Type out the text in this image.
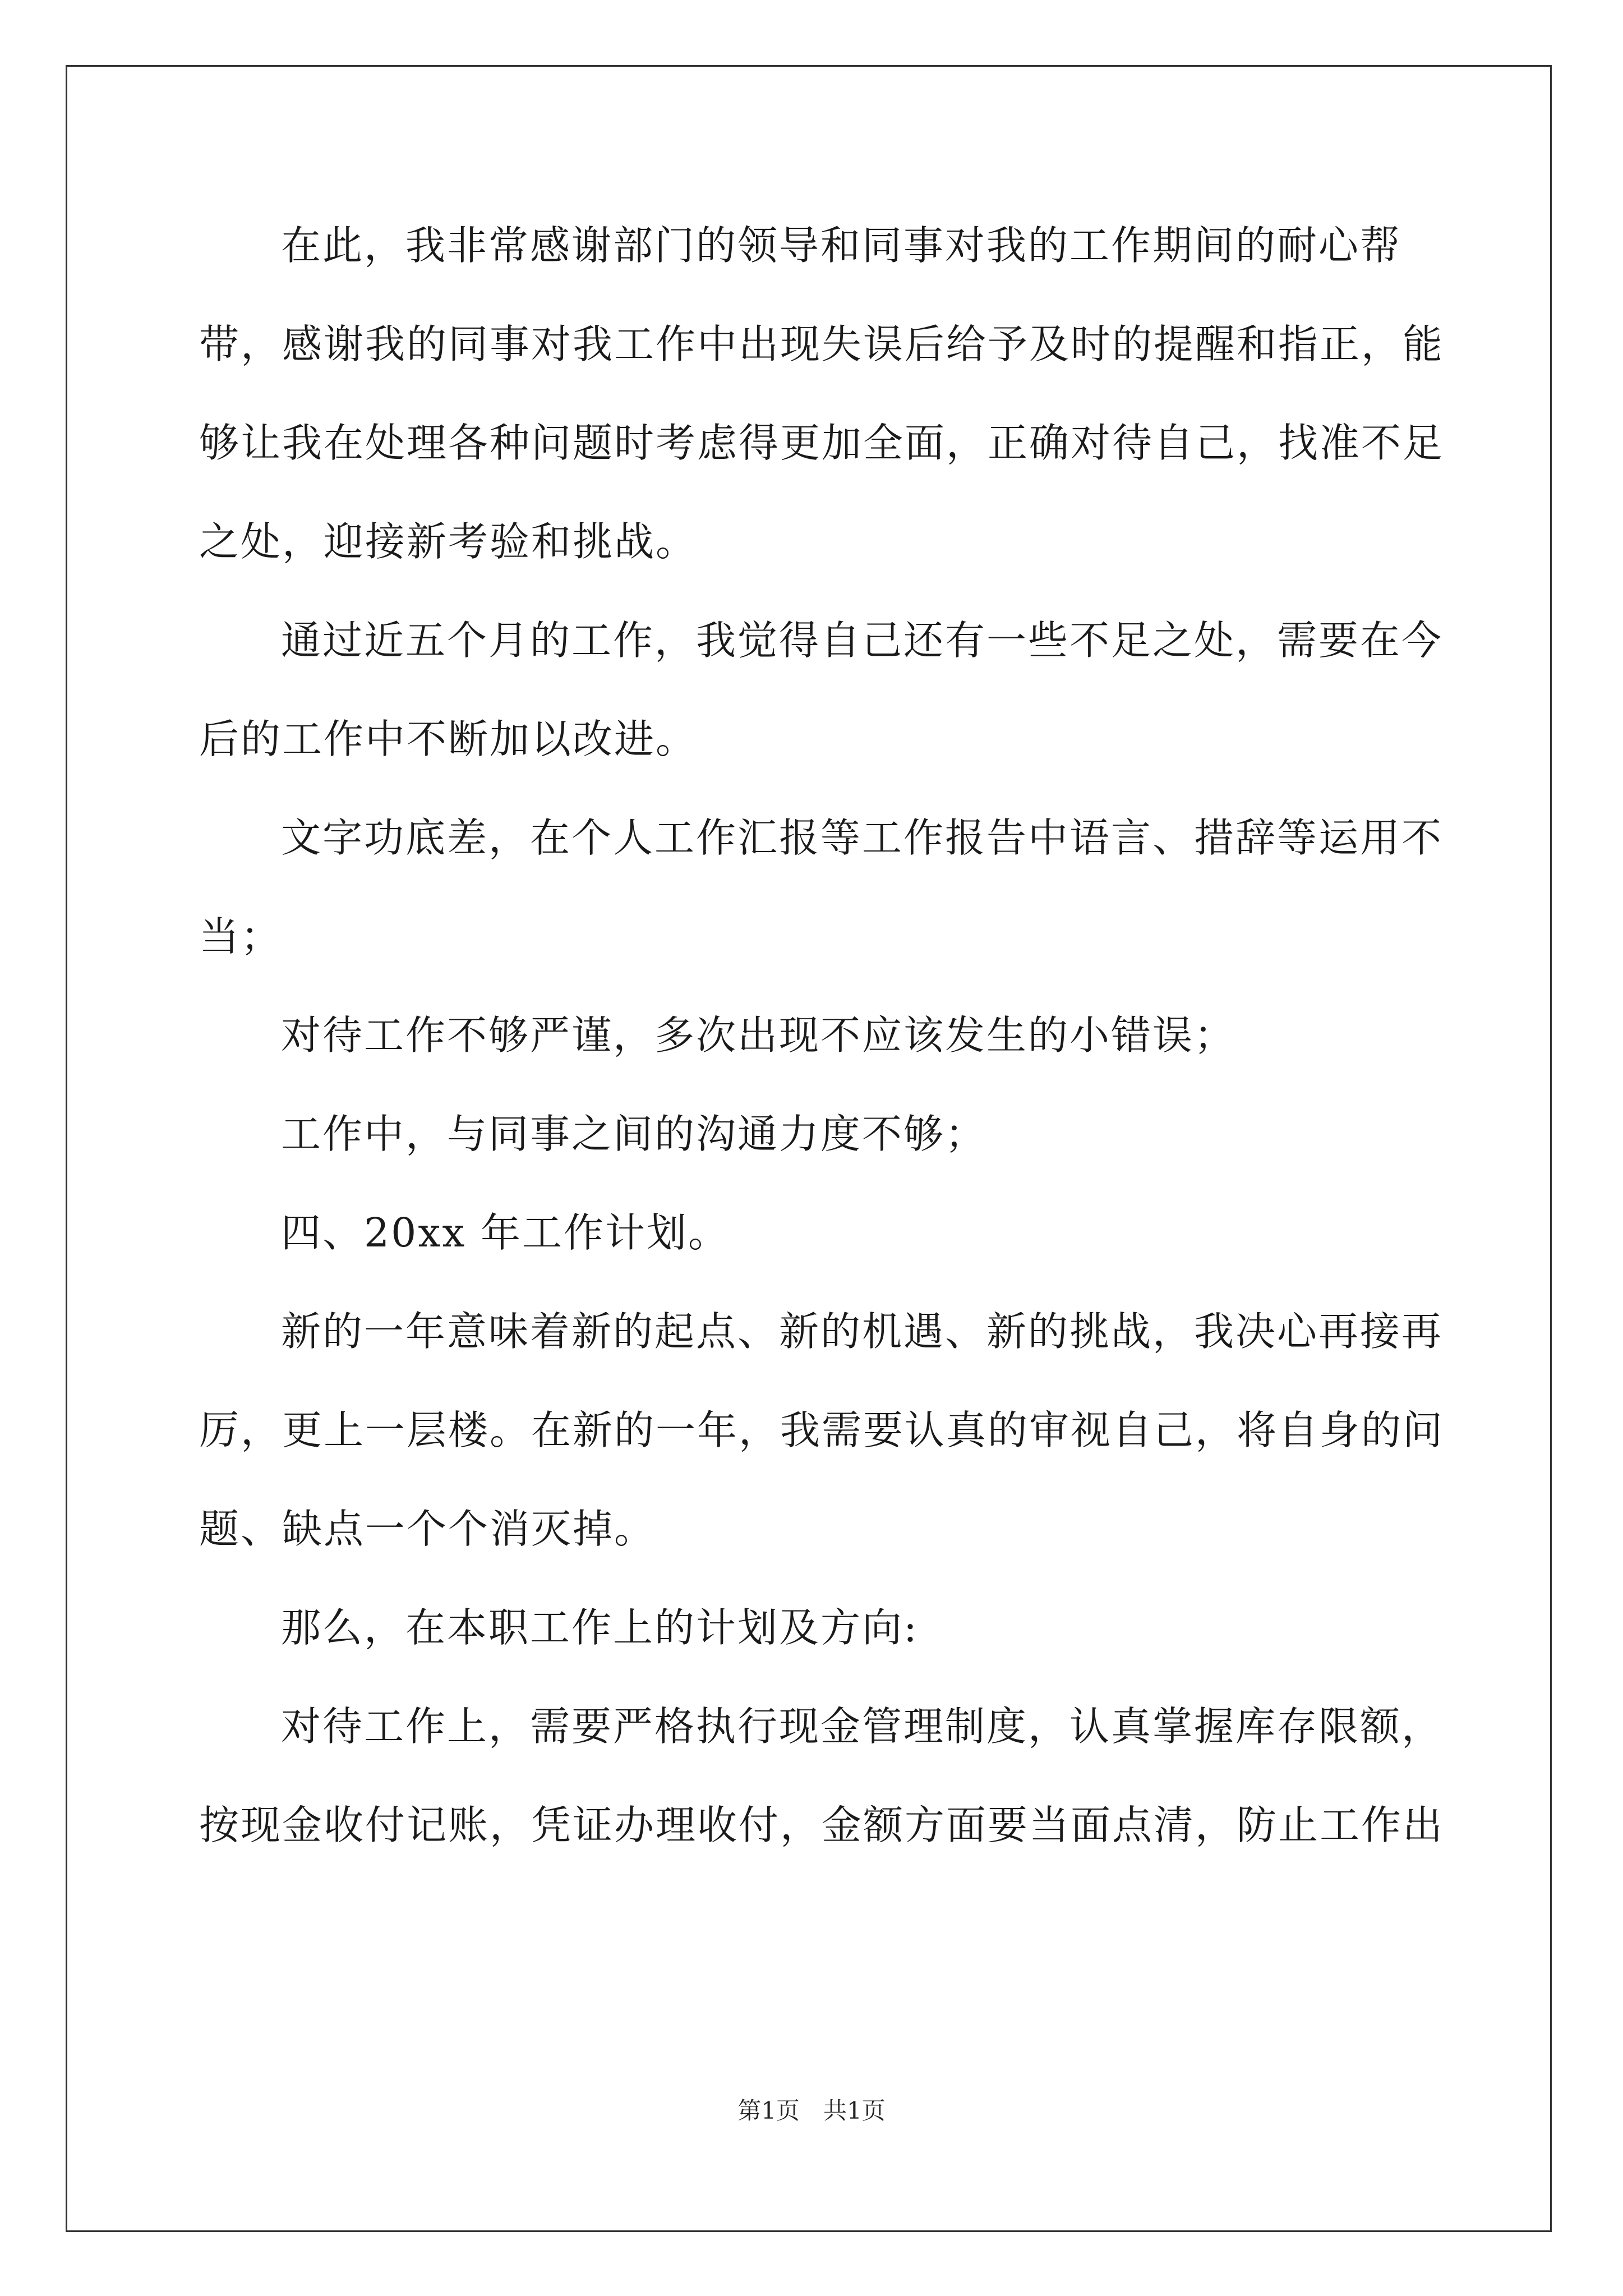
在此，我非常感谢部门的领导和同事对我的工作期间的耐心帮带，感谢我的同事对我工作中出现失误后给予及时的提醒和指正，能够让我在处理各种问题时考虑得更加全面，正确对待自己，找准不足之处，迎接新考验和挑战。

通过近五个月的工作，我觉得自己还有一些不足之处，需要在今后的工作中不断加以改进。

文字功底差，在个人工作汇报等工作报告中语言、措辞等运用不当；

对待工作不够严谨，多次出现不应该发生的小错误；

工作中，与同事之间的沟通力度不够；

四、20xx 年工作计划。

新的一年意味着新的起点、新的机遇、新的挑战，我决心再接再厉，更上一层楼。在新的一年，我需要认真的审视自己，将自身的问题、缺点一个个消灭掉。

那么，在本职工作上的计划及方向:

对待工作上，需要严格执行现金管理制度，认真掌握库存限额，按现金收付记账，凭证办理收付，金额方面要当面点清，防止工作出

第1页　共1页
